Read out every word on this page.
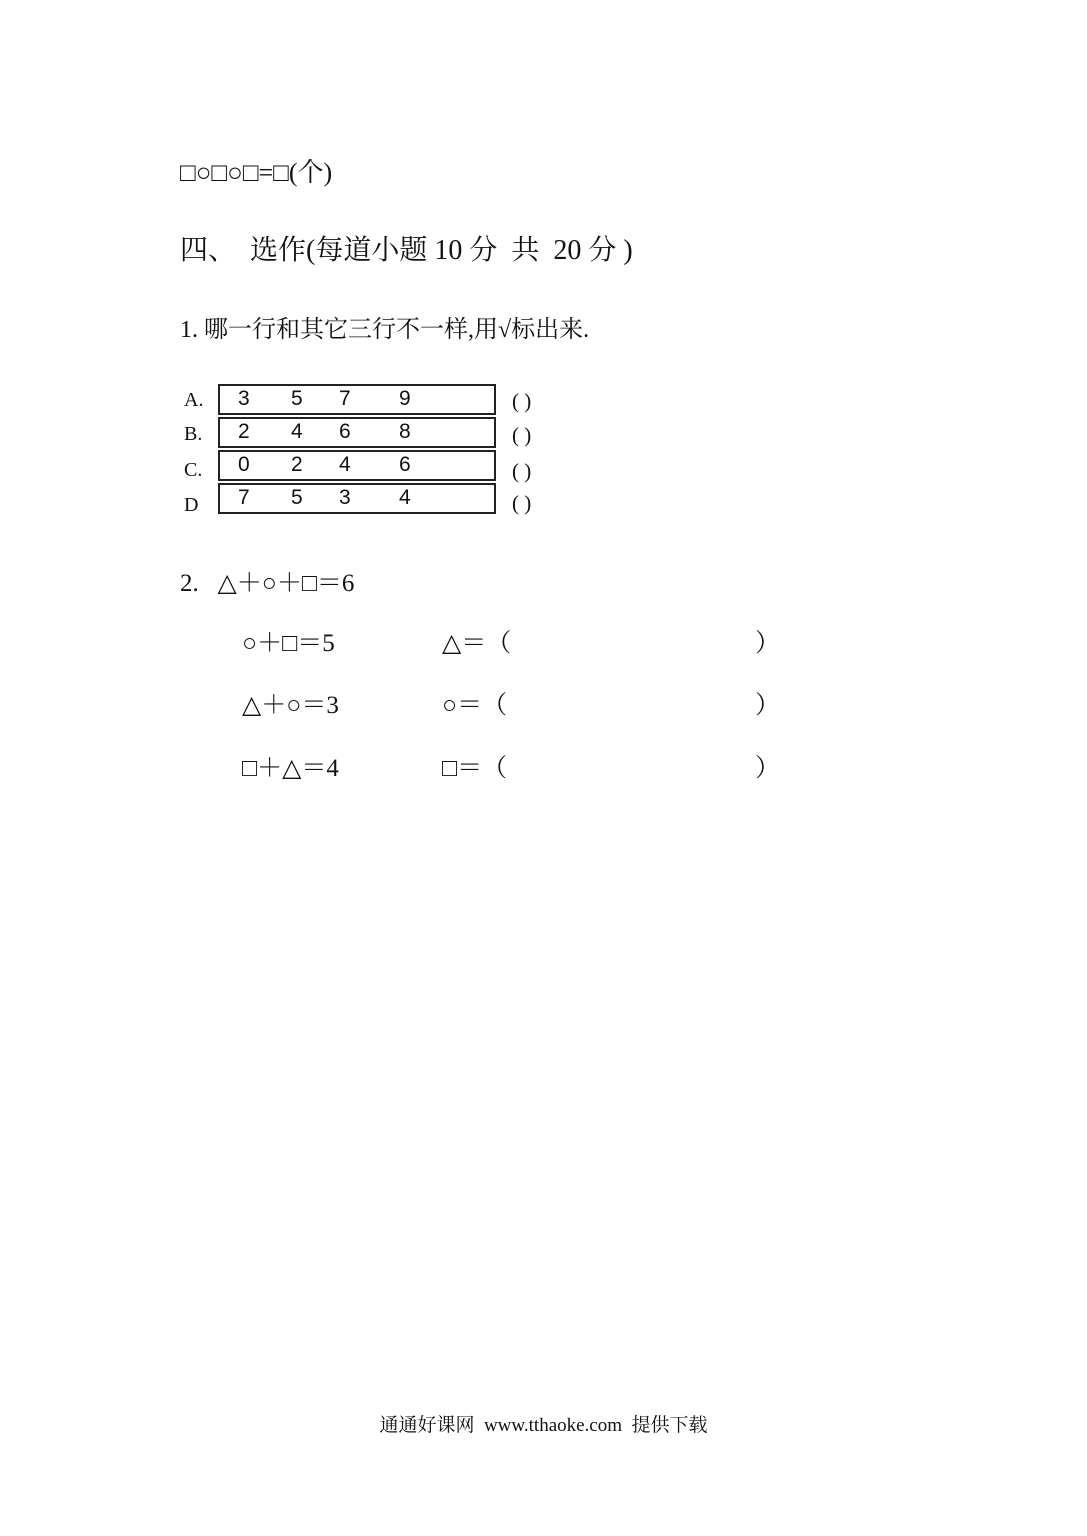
□○□○□=□(个)
四、  选作(每道小题 10 分  共  20 分 )
1. 哪一行和其它三行不一样,用√标出来.
A. 3 5 7 9	( )
B. 2 4 6 8	( )
C. 0 2 4 6	( )
D 7 5 3 4	( )
2.   △＋○＋□＝6
○＋□＝5	△＝（	）
△＋○＝3	○＝（	）
□＋△＝4	□＝（	）
通通好课网  www.tthaoke.com  提供下载
